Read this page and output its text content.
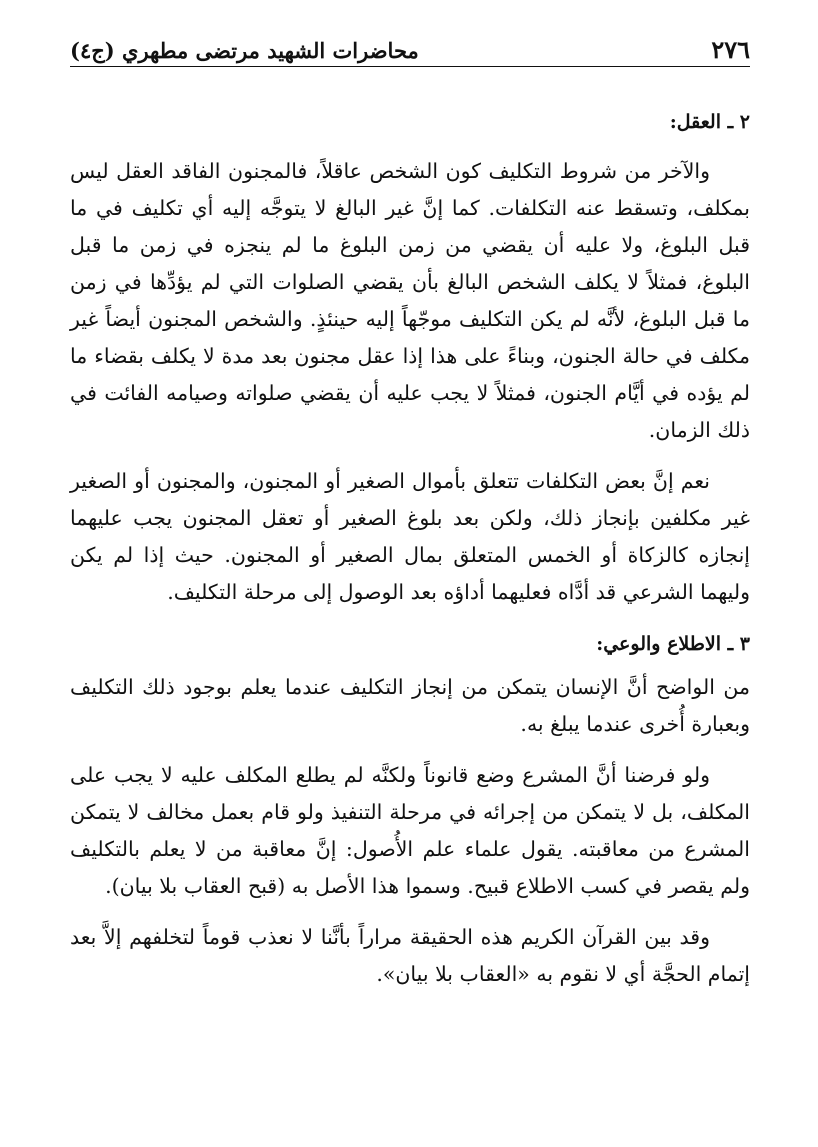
٢٧٦
محاضرات الشهيد مرتضى مطهري (ج٤)
٢ ـ العقل:

والآخر من شروط التكليف كون الشخص عاقلاً، فالمجنون الفاقد العقل ليس بمكلف، وتسقط عنه التكلفات. كما إنَّ غير البالغ لا يتوجَّه إليه أي تكليف في ما قبل البلوغ، ولا عليه أن يقضي من زمن البلوغ ما لم ينجزه في زمن ما قبل البلوغ، فمثلاً لا يكلف الشخص البالغ بأن يقضي الصلوات التي لم يؤدِّها في زمن ما قبل البلوغ، لأنَّه لم يكن التكليف موجّهاً إليه حينئذٍ. والشخص المجنون أيضاً غير مكلف في حالة الجنون، وبناءً على هذا إذا عقل مجنون بعد مدة لا يكلف بقضاء ما لم يؤده في أيَّام الجنون، فمثلاً لا يجب عليه أن يقضي صلواته وصيامه الفائت في ذلك الزمان.

نعم إنَّ بعض التكلفات تتعلق بأموال الصغير أو المجنون، والمجنون أو الصغير غير مكلفين بإنجاز ذلك، ولكن بعد بلوغ الصغير أو تعقل المجنون يجب عليهما إنجازه كالزكاة أو الخمس المتعلق بمال الصغير أو المجنون. حيث إذا لم يكن وليهما الشرعي قد أدَّاه فعليهما أداؤه بعد الوصول إلى مرحلة التكليف.

٣ ـ الاطلاع والوعي:

من الواضح أنَّ الإنسان يتمكن من إنجاز التكليف عندما يعلم بوجود ذلك التكليف وبعبارة أُخرى عندما يبلغ به.

ولو فرضنا أنَّ المشرع وضع قانوناً ولكنَّه لم يطلع المكلف عليه لا يجب على المكلف، بل لا يتمكن من إجرائه في مرحلة التنفيذ ولو قام بعمل مخالف لا يتمكن المشرع من معاقبته. يقول علماء علم الأُصول: إنَّ معاقبة من لا يعلم بالتكليف ولم يقصر في كسب الاطلاع قبيح. وسموا هذا الأصل به (قبح العقاب بلا بيان).

وقد بين القرآن الكريم هذه الحقيقة مراراً بأنَّنا لا نعذب قوماً لتخلفهم إلاَّ بعد إتمام الحجَّة أي لا نقوم به «العقاب بلا بيان».
